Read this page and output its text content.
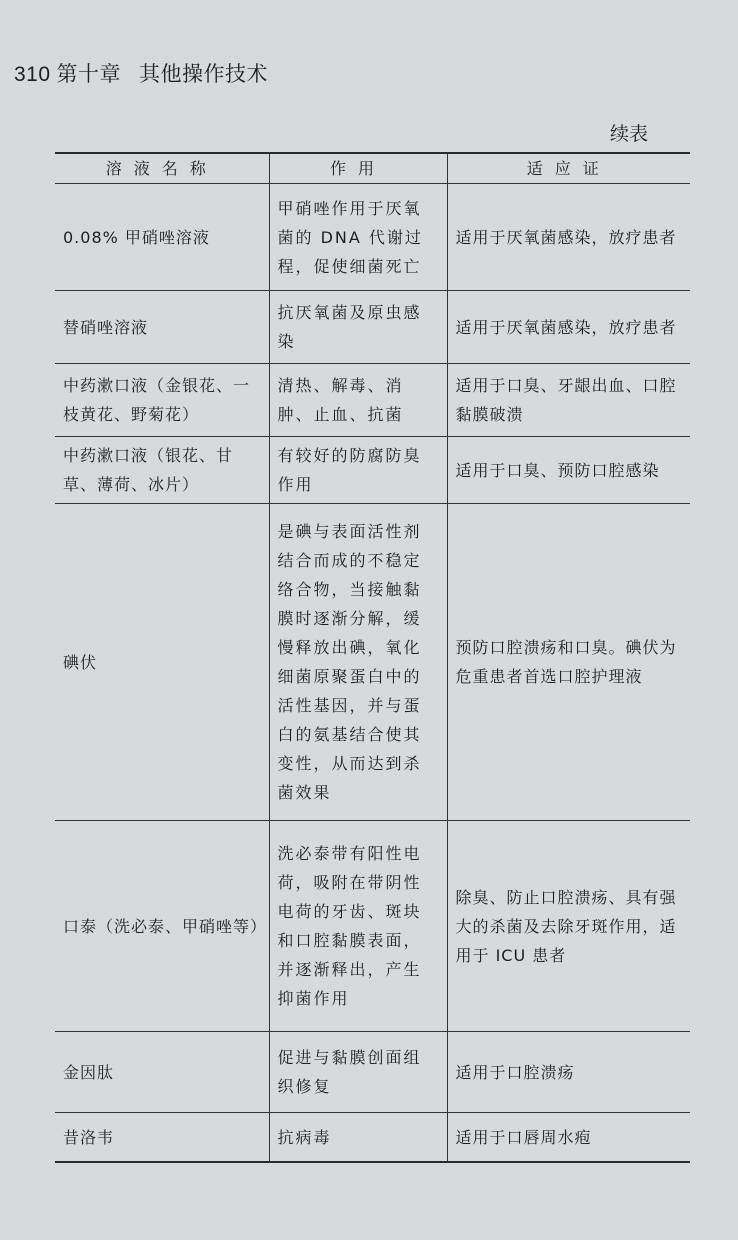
310 第十章 其他操作技术
续表
溶液名称	作用	适应证
0.08% 甲硝唑溶液	甲硝唑作用于厌氧菌的 DNA 代谢过程，促使细菌死亡	适用于厌氧菌感染，放疗患者
替硝唑溶液	抗厌氧菌及原虫感染	适用于厌氧菌感染，放疗患者
中药漱口液（金银花、一枝黄花、野菊花）	清热、解毒、消肿、止血、抗菌	适用于口臭、牙龈出血、口腔黏膜破溃
中药漱口液（银花、甘草、薄荷、冰片）	有较好的防腐防臭作用	适用于口臭、预防口腔感染
碘伏	是碘与表面活性剂结合而成的不稳定络合物，当接触黏膜时逐渐分解，缓慢释放出碘，氧化细菌原聚蛋白中的活性基因，并与蛋白的氨基结合使其变性，从而达到杀菌效果	预防口腔溃疡和口臭。碘伏为危重患者首选口腔护理液
口泰（洗必泰、甲硝唑等）	洗必泰带有阳性电荷，吸附在带阴性电荷的牙齿、斑块和口腔黏膜表面，并逐渐释出，产生抑菌作用	除臭、防止口腔溃疡、具有强大的杀菌及去除牙斑作用，适用于 ICU 患者
金因肽	促进与黏膜创面组织修复	适用于口腔溃疡
昔洛韦	抗病毒	适用于口唇周水疱
